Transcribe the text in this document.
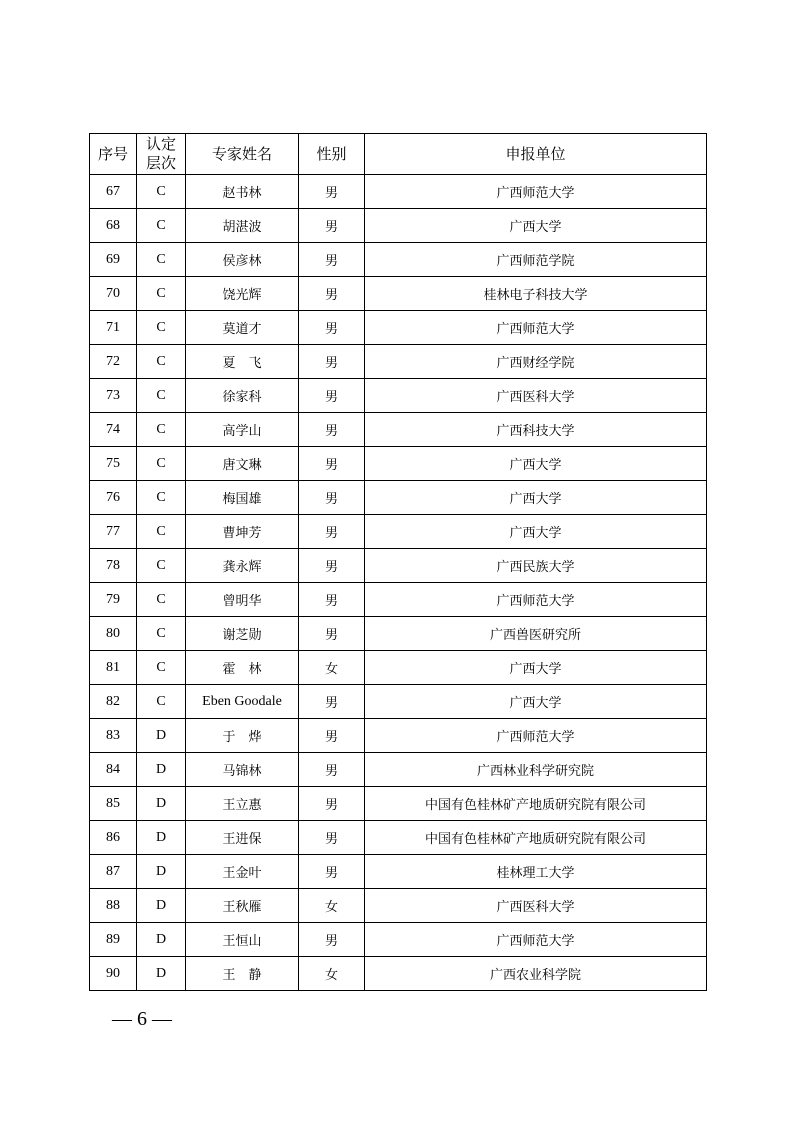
序号	认定层次	专家姓名	性别	申报单位
67	C	赵书林	男	广西师范大学
68	C	胡湛波	男	广西大学
69	C	侯彦林	男	广西师范学院
70	C	饶光辉	男	桂林电子科技大学
71	C	莫道才	男	广西师范大学
72	C	夏　飞	男	广西财经学院
73	C	徐家科	男	广西医科大学
74	C	高学山	男	广西科技大学
75	C	唐文琳	男	广西大学
76	C	梅国雄	男	广西大学
77	C	曹坤芳	男	广西大学
78	C	龚永辉	男	广西民族大学
79	C	曾明华	男	广西师范大学
80	C	谢芝勋	男	广西兽医研究所
81	C	霍　林	女	广西大学
82	C	Eben Goodale	男	广西大学
83	D	于　烨	男	广西师范大学
84	D	马锦林	男	广西林业科学研究院
85	D	王立惠	男	中国有色桂林矿产地质研究院有限公司
86	D	王进保	男	中国有色桂林矿产地质研究院有限公司
87	D	王金叶	男	桂林理工大学
88	D	王秋雁	女	广西医科大学
89	D	王恒山	男	广西师范大学
90	D	王　静	女	广西农业科学院
— 6 —
